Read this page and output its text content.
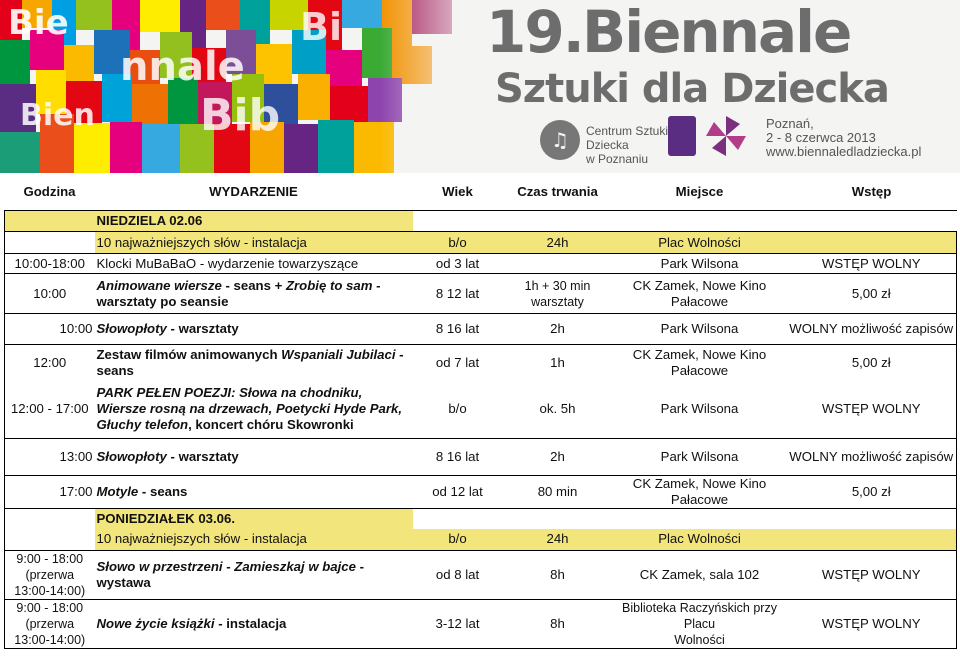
Bie
nnale
Bien Bib
Bi 19. Biennale
Sztuki dla Dziecka
♫ Centrum Sztuki
Dziecka
w Poznaniu
Poznań,
2 - 8 czerwca 2013
www.biennaledladziecka.pl
Godzina	WYDARZENIE	Wiek	Czas trwania	Miejsce	Wstęp
	NIEDZIELA 02.06				
	10 najważniejszych słów - instalacja	b/o	24h	Plac Wolności	
10:00-18:00	Klocki MuBaBaO - wydarzenie towarzyszące	od 3 lat		Park Wilsona	WSTĘP WOLNY
10:00	Animowane wiersze - seans + Zrobię to sam -
warsztaty po seansie	8 12 lat	1h + 30 min
warsztaty	CK Zamek, Nowe Kino Pałacowe	5,00 zł
10:00	Słowopłoty - warsztaty	8 16 lat	2h	Park Wilsona	WOLNY możliwość zapisów
12:00	Zestaw filmów animowanych Wspaniali Jubilaci -
seans	od 7 lat	1h	CK Zamek, Nowe Kino Pałacowe	5,00 zł
12:00 - 17:00	PARK PEŁEN POEZJI: Słowa na chodniku,
Wiersze rosną na drzewach, Poetycki Hyde Park,
Głuchy telefon, koncert chóru Skowronki	b/o	ok. 5h	Park Wilsona	WSTĘP WOLNY
13:00	Słowopłoty - warsztaty	8 16 lat	2h	Park Wilsona	WOLNY możliwość zapisów
17:00	Motyle - seans	od 12 lat	80 min	CK Zamek, Nowe Kino Pałacowe	5,00 zł
	PONIEDZIAŁEK 03.06.				
	10 najważniejszych słów - instalacja	b/o	24h	Plac Wolności	
9:00 - 18:00
(przerwa
13:00-14:00)	Słowo w przestrzeni - Zamieszkaj w bajce -
wystawa	od 8 lat	8h	CK Zamek, sala 102	WSTĘP WOLNY
9:00 - 18:00
(przerwa
13:00-14:00)	Nowe życie książki - instalacja	3-12 lat	8h	Biblioteka Raczyńskich przy Placu
Wolności	WSTĘP WOLNY
